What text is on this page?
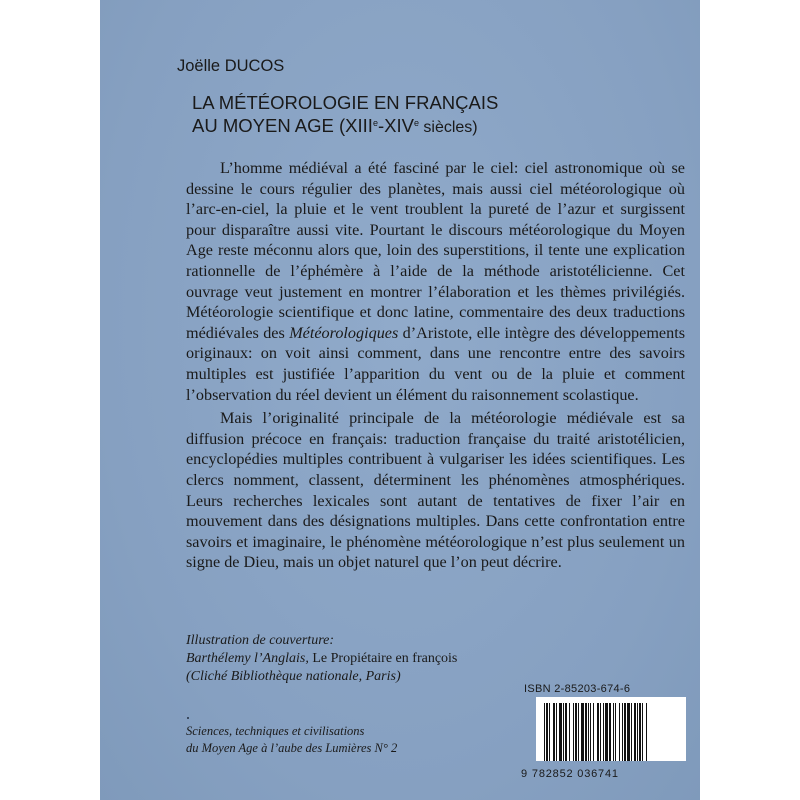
Joëlle DUCOS
LA MÉTÉOROLOGIE EN FRANÇAIS
AU MOYEN AGE (XIIIe-XIVe siècles)

L’homme médiéval a été fasciné par le ciel: ciel astronomique où se dessine le cours régulier des planètes, mais aussi ciel météorologique où l’arc-en-ciel, la pluie et le vent troublent la pureté de l’azur et surgissent pour disparaître aussi vite. Pourtant le discours météorologique du Moyen Age reste méconnu alors que, loin des superstitions, il tente une explication rationnelle de l’éphémère à l’aide de la méthode aristotélicienne. Cet ouvrage veut justement en montrer l’élaboration et les thèmes privilégiés. Météorologie scientifique et donc latine, commentaire des deux traductions médiévales des Météorologiques d’Aristote, elle intègre des développements originaux: on voit ainsi comment, dans une rencontre entre des savoirs multiples est justifiée l’apparition du vent ou de la pluie et comment l’observation du réel devient un élément du raisonnement scolastique.

Mais l’originalité principale de la météorologie médiévale est sa diffusion précoce en français: traduction française du traité aristotélicien, encyclopédies multiples contribuent à vulgariser les idées scientifiques. Les clercs nomment, classent, déterminent les phénomènes atmosphériques. Leurs recherches lexicales sont autant de tentatives de fixer l’air en mouvement dans des désignations multiples. Dans cette confrontation entre savoirs et imaginaire, le phénomène météorologique n’est plus seulement un signe de Dieu, mais un objet naturel que l’on peut décrire.

Illustration de couverture:
Barthélemy l’Anglais, Le Propiétaire en françois
(Cliché Bibliothèque nationale, Paris)
Sciences, techniques et civilisations
du Moyen Age à l’aube des Lumières N° 2
ISBN 2-85203-674-6
9 782852 036741
